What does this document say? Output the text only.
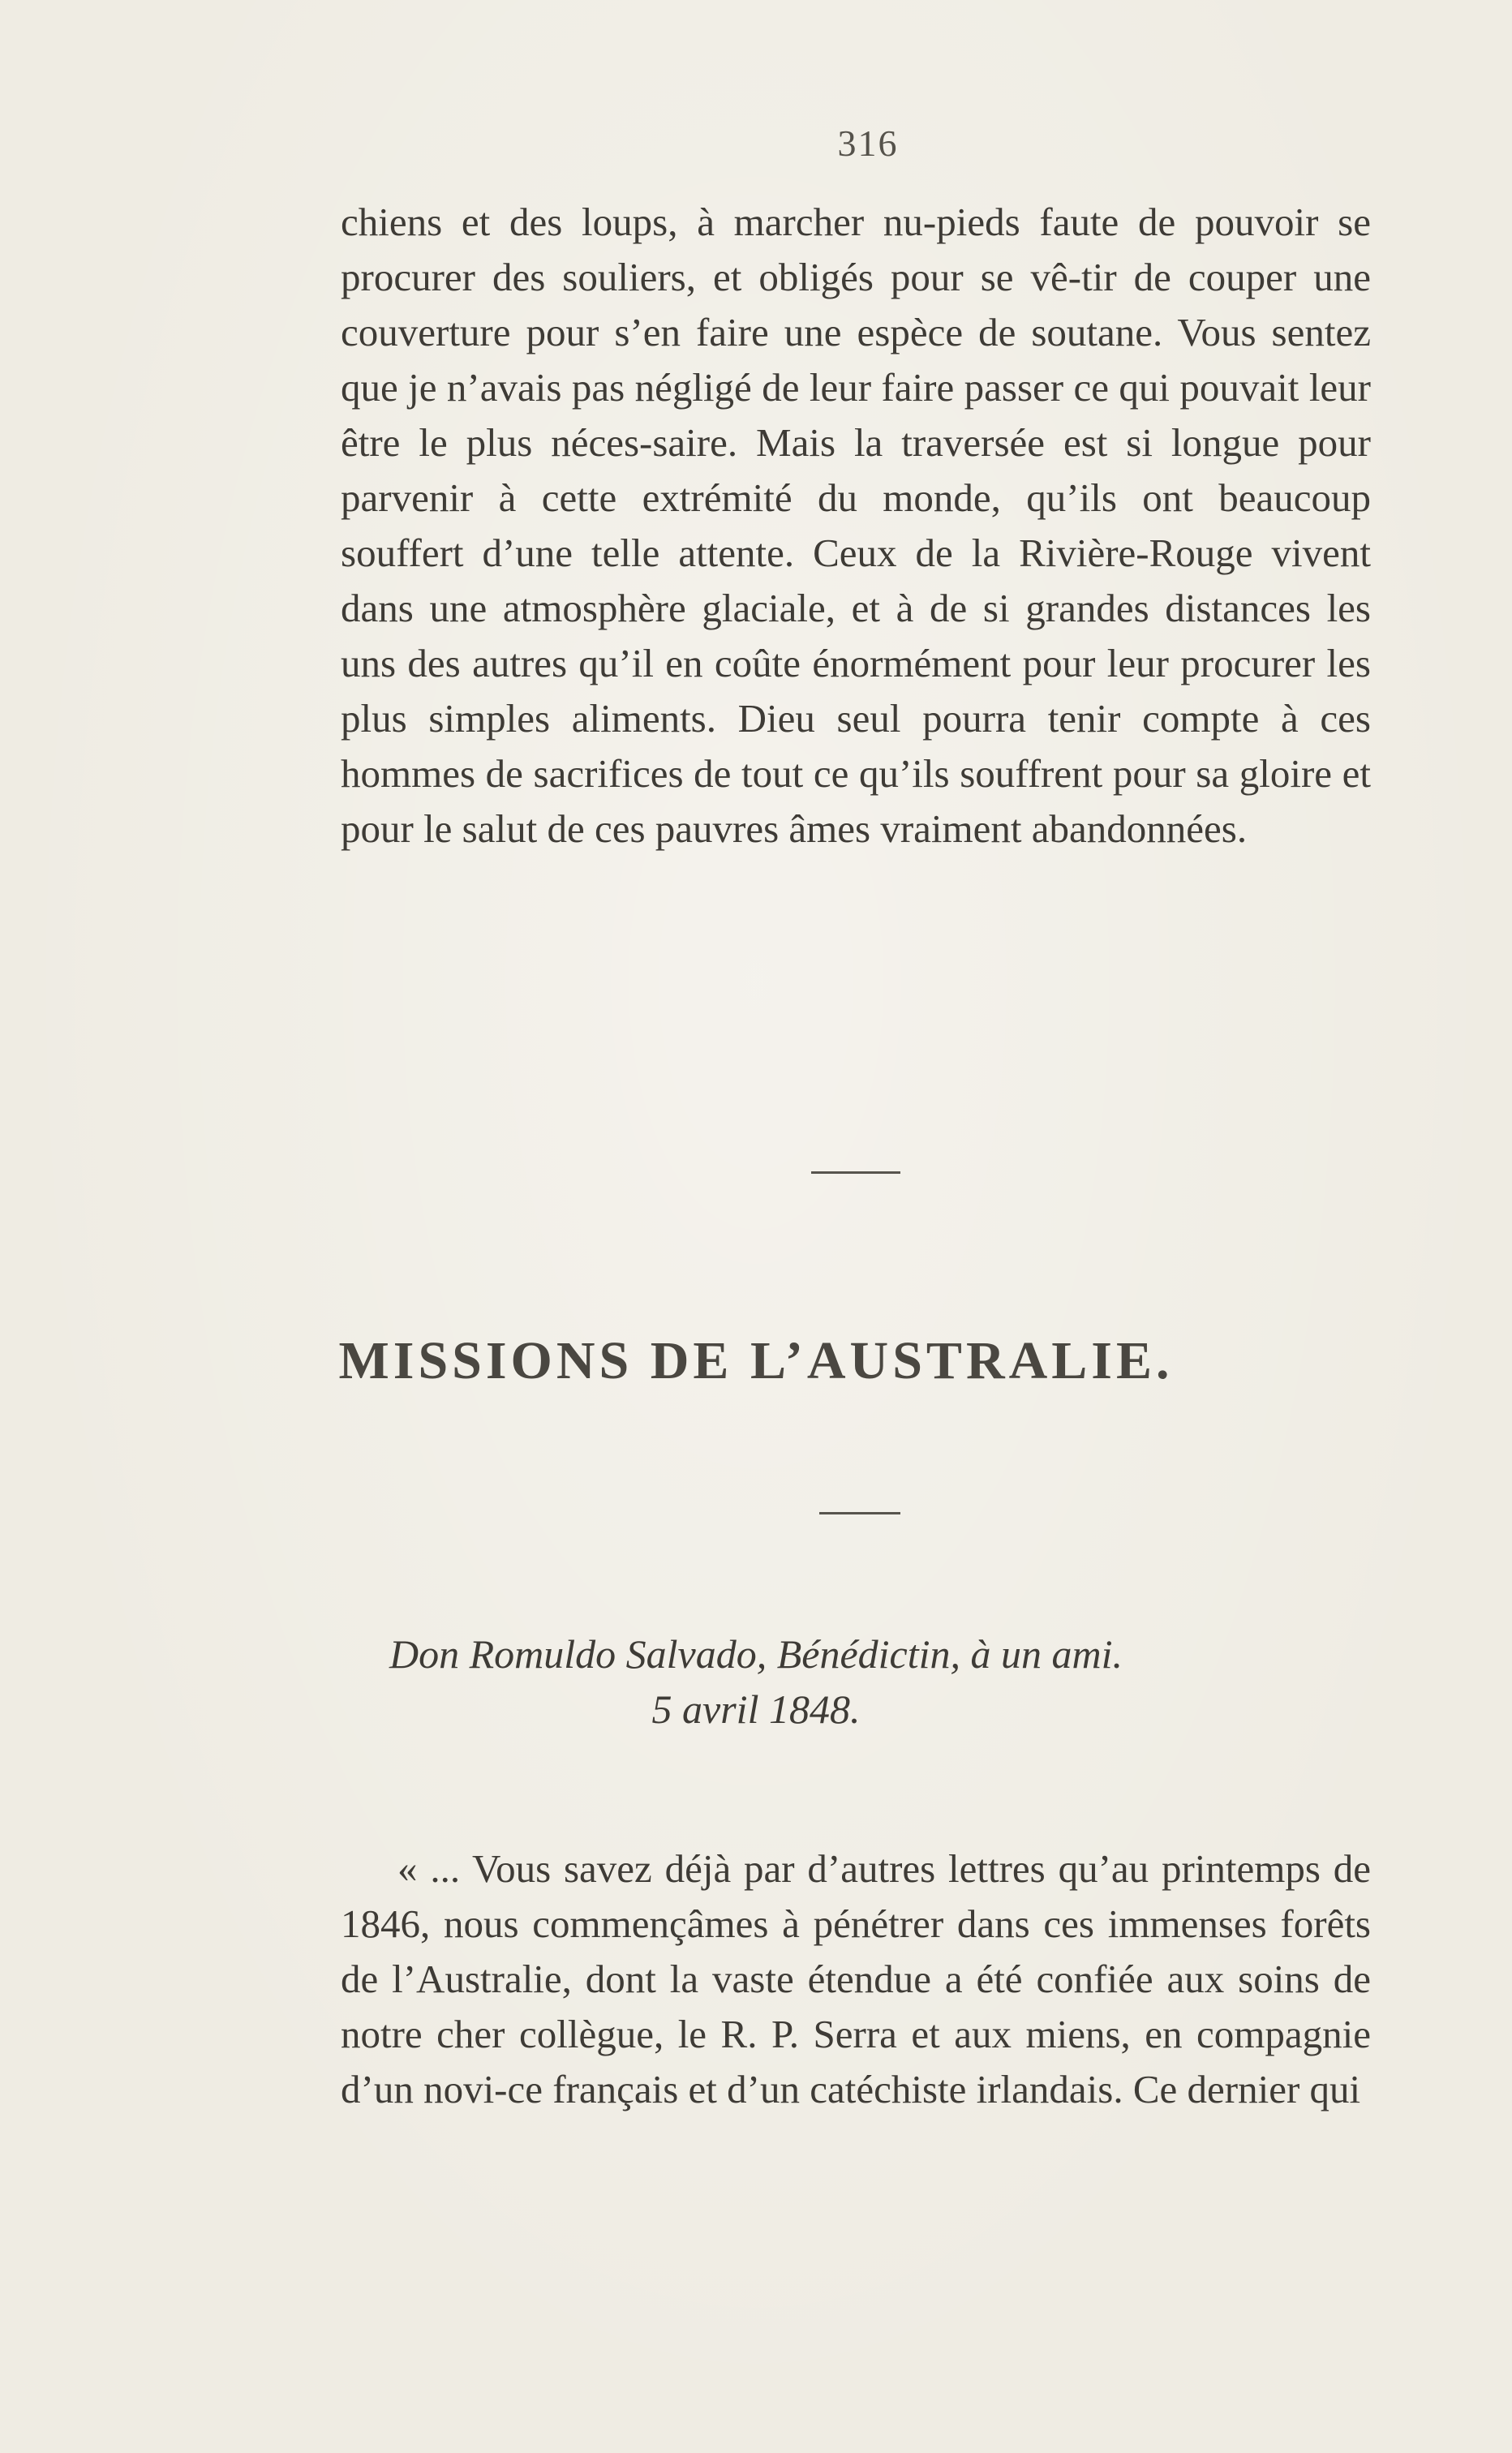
316

chiens et des loups, à marcher nu-pieds faute de pouvoir se procurer des souliers, et obligés pour se vê-tir de couper une couverture pour s’en faire une espèce de soutane. Vous sentez que je n’avais pas négligé de leur faire passer ce qui pouvait leur être le plus néces-saire. Mais la traversée est si longue pour parvenir à cette extrémité du monde, qu’ils ont beaucoup souffert d’une telle attente. Ceux de la Rivière-Rouge vivent dans une atmosphère glaciale, et à de si grandes distances les uns des autres qu’il en coûte énormément pour leur procurer les plus simples aliments. Dieu seul pourra tenir compte à ces hommes de sacrifices de tout ce qu’ils souffrent pour sa gloire et pour le salut de ces pauvres âmes vraiment abandonnées.

MISSIONS DE L’AUSTRALIE.
Don Romuldo Salvado, Bénédictin, à un ami.
5 avril 1848.

« ... Vous savez déjà par d’autres lettres qu’au printemps de 1846, nous commençâmes à pénétrer dans ces immenses forêts de l’Australie, dont la vaste étendue a été confiée aux soins de notre cher collègue, le R. P. Serra et aux miens, en compagnie d’un novi-ce français et d’un catéchiste irlandais. Ce dernier qui
